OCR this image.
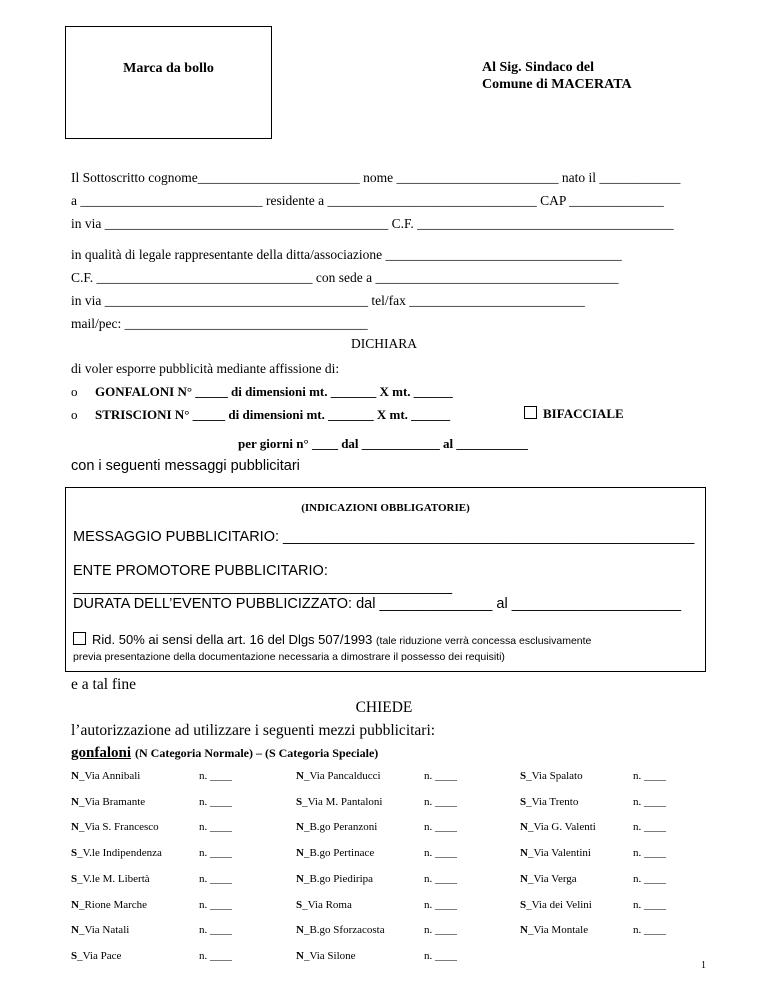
Marca da bollo	Al Sig. Sindaco del
Comune di MACERATA
Il Sottoscritto cognome________________________ nome ________________________ nato il ____________
a ___________________________ residente a _______________________________ CAP ______________
in via __________________________________________ C.F. ______________________________________
in qualità di legale rappresentante della ditta/associazione ___________________________________
C.F. ________________________________ con sede a ____________________________________
in via _______________________________________ tel/fax __________________________
mail/pec: ____________________________________
DICHIARA
di voler esporre pubblicità mediante affissione di:
o GONFALONI N° _____ di dimensioni mt. _______ X mt. ______
o STRISCIONI N° _____ di dimensioni mt. _______ X mt. ______	BIFACCIALE
per giorni n° ____ dal ____________ al ___________
con i seguenti messaggi pubblicitari
(INDICAZIONI OBBLIGATORIE)
MESSAGGIO PUBBLICITARIO: ___________________________________________________
ENTE PROMOTORE PUBBLICITARIO: _______________________________________________
DURATA DELL’EVENTO PUBBLICIZZATO: dal ______________ al _____________________
Rid. 50% ai sensi della art. 16 del Dlgs 507/1993 (tale riduzione verrà concessa esclusivamente
previa presentazione della documentazione necessaria a dimostrare il possesso dei requisiti)
e a tal fine
CHIEDE
l’autorizzazione ad utilizzare i seguenti mezzi pubblicitari:
gonfaloni (N Categoria Normale) – (S Categoria Speciale)
N_Via Annibali	n. ____	N_Via Pancalducci	n. ____	S_Via Spalato	n. ____
N_Via Bramante	n. ____	S_Via M. Pantaloni	n. ____	S_Via Trento	n. ____
N_Via S. Francesco	n. ____	N_B.go Peranzoni	n. ____	N_Via G. Valenti	n. ____
S_V.le Indipendenza	n. ____	N_B.go Pertinace	n. ____	N_Via Valentini	n. ____
S_V.le M. Libertà	n. ____	N_B.go Piediripa	n. ____	N_Via Verga	n. ____
N_Rione Marche	n. ____	S_Via Roma	n. ____	S_Via dei Velini	n. ____
N_Via Natali	n. ____	N_B.go Sforzacosta	n. ____	N_Via Montale	n. ____
S_Via Pace	n. ____	N_Via Silone	n. ____
1
